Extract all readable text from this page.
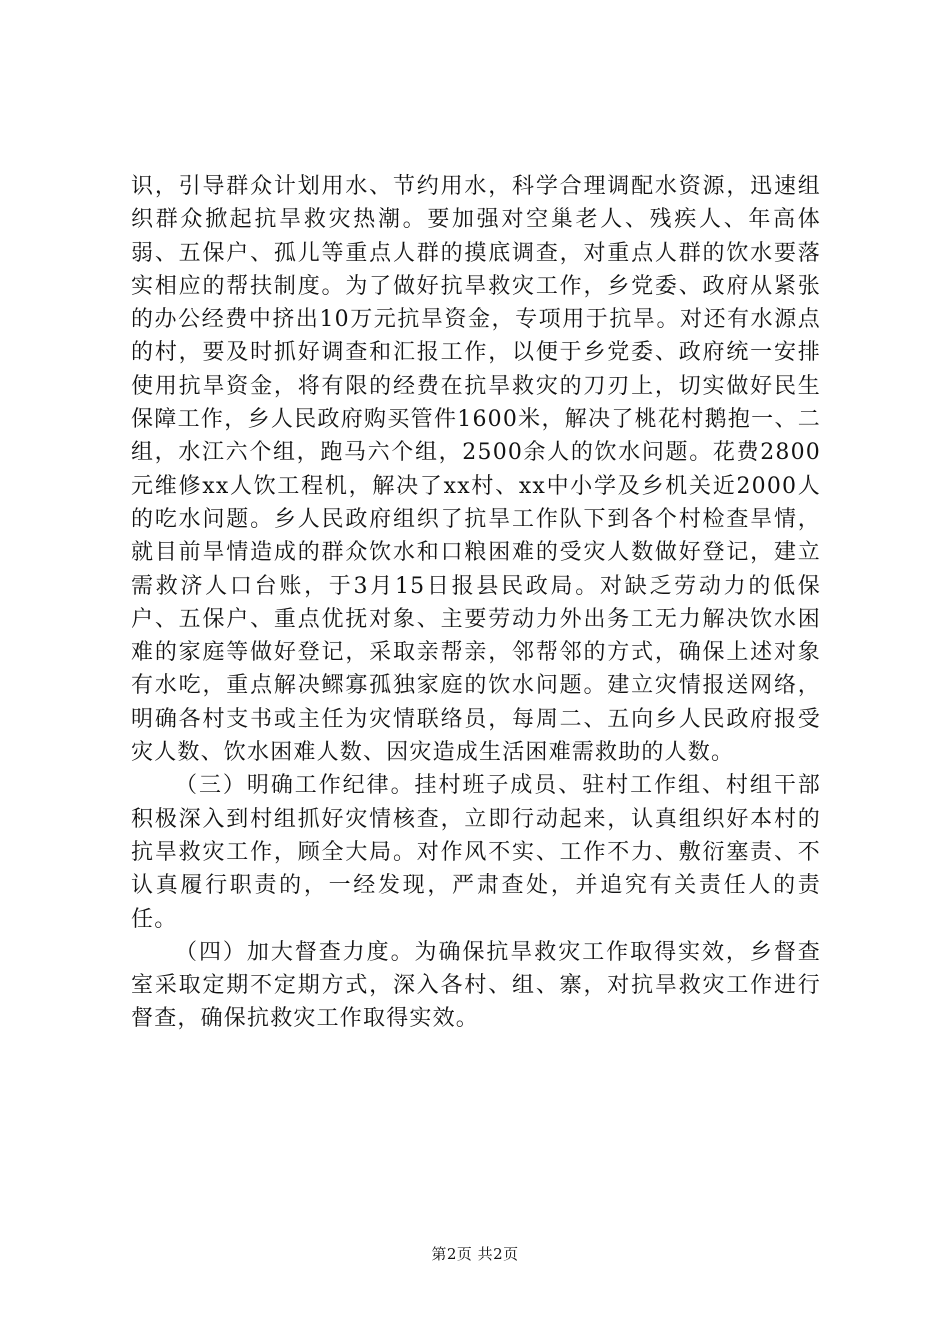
识，引导群众计划用水、节约用水，科学合理调配水资源，迅速组织群众掀起抗旱救灾热潮。要加强对空巢老人、残疾人、年高体弱、五保户、孤儿等重点人群的摸底调查，对重点人群的饮水要落实相应的帮扶制度。为了做好抗旱救灾工作，乡党委、政府从紧张的办公经费中挤出10万元抗旱资金，专项用于抗旱。对还有水源点的村，要及时抓好调查和汇报工作，以便于乡党委、政府统一安排使用抗旱资金，将有限的经费在抗旱救灾的刀刃上，切实做好民生保障工作，乡人民政府购买管件1600米，解决了桃花村鹅抱一、二组，水江六个组，跑马六个组，2500余人的饮水问题。花费2800元维修xx人饮工程机，解决了xx村、xx中小学及乡机关近2000人的吃水问题。乡人民政府组织了抗旱工作队下到各个村检查旱情，就目前旱情造成的群众饮水和口粮困难的受灾人数做好登记，建立需救济人口台账，于3月15日报县民政局。对缺乏劳动力的低保户、五保户、重点优抚对象、主要劳动力外出务工无力解决饮水困难的家庭等做好登记，采取亲帮亲，邻帮邻的方式，确保上述对象有水吃，重点解决鳏寡孤独家庭的饮水问题。建立灾情报送网络，明确各村支书或主任为灾情联络员，每周二、五向乡人民政府报受灾人数、饮水困难人数、因灾造成生活困难需救助的人数。

（三）明确工作纪律。挂村班子成员、驻村工作组、村组干部积极深入到村组抓好灾情核查，立即行动起来，认真组织好本村的抗旱救灾工作，顾全大局。对作风不实、工作不力、敷衍塞责、不认真履行职责的，一经发现，严肃查处，并追究有关责任人的责任。

（四）加大督查力度。为确保抗旱救灾工作取得实效，乡督查室采取定期不定期方式，深入各村、组、寨，对抗旱救灾工作进行督查，确保抗救灾工作取得实效。

第2页 共2页
